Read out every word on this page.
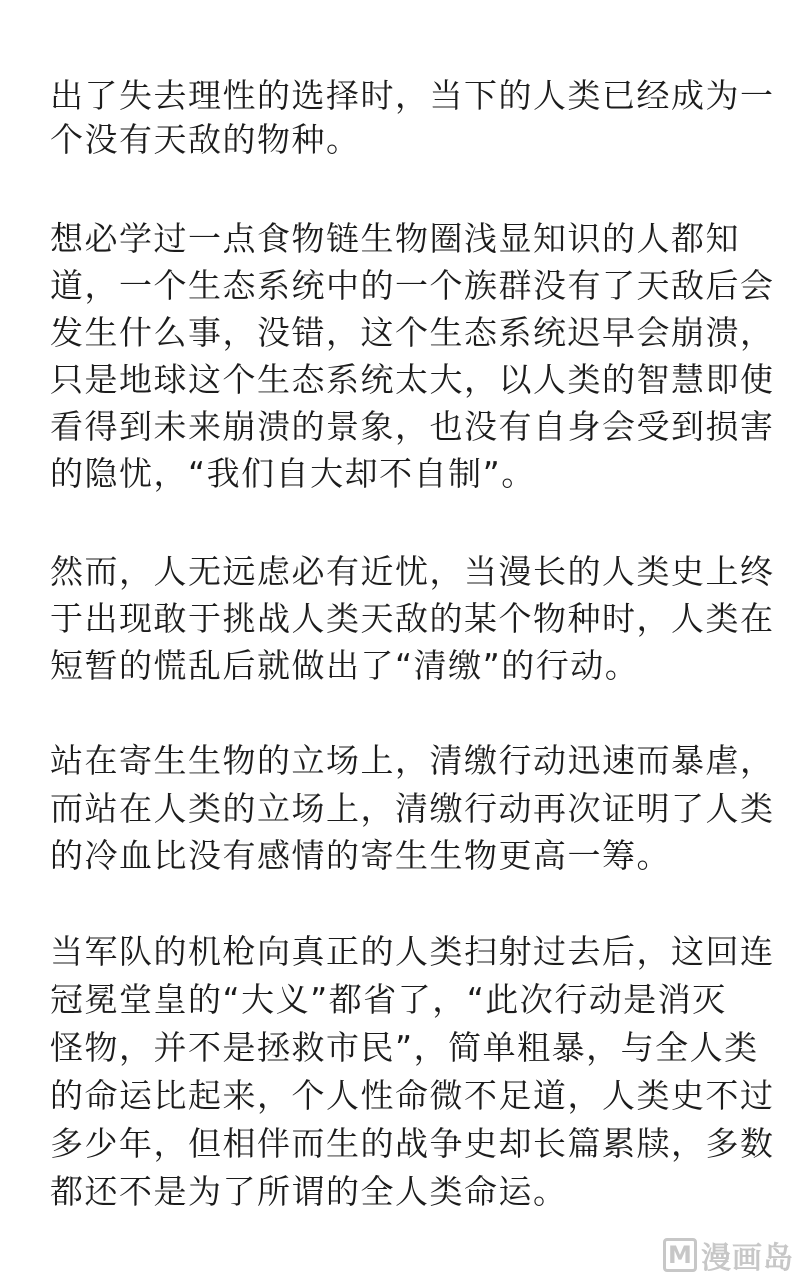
出了失去理性的选择时，当下的人类已经成为一
个没有天敌的物种。
想必学过一点食物链生物圈浅显知识的人都知
道，一个生态系统中的一个族群没有了天敌后会
发生什么事，没错，这个生态系统迟早会崩溃，
只是地球这个生态系统太大，以人类的智慧即使
看得到未来崩溃的景象，也没有自身会受到损害
的隐忧，“我们自大却不自制”。
然而，人无远虑必有近忧，当漫长的人类史上终
于出现敢于挑战人类天敌的某个物种时，人类在
短暂的慌乱后就做出了“清缴”的行动。
站在寄生生物的立场上，清缴行动迅速而暴虐，
而站在人类的立场上，清缴行动再次证明了人类
的冷血比没有感情的寄生生物更高一筹。
当军队的机枪向真正的人类扫射过去后，这回连
冠冕堂皇的“大义”都省了，“此次行动是消灭
怪物，并不是拯救市民”，简单粗暴，与全人类
的命运比起来，个人性命微不足道，人类史不过
多少年，但相伴而生的战争史却长篇累牍，多数
都还不是为了所谓的全人类命运。
M 漫画岛
